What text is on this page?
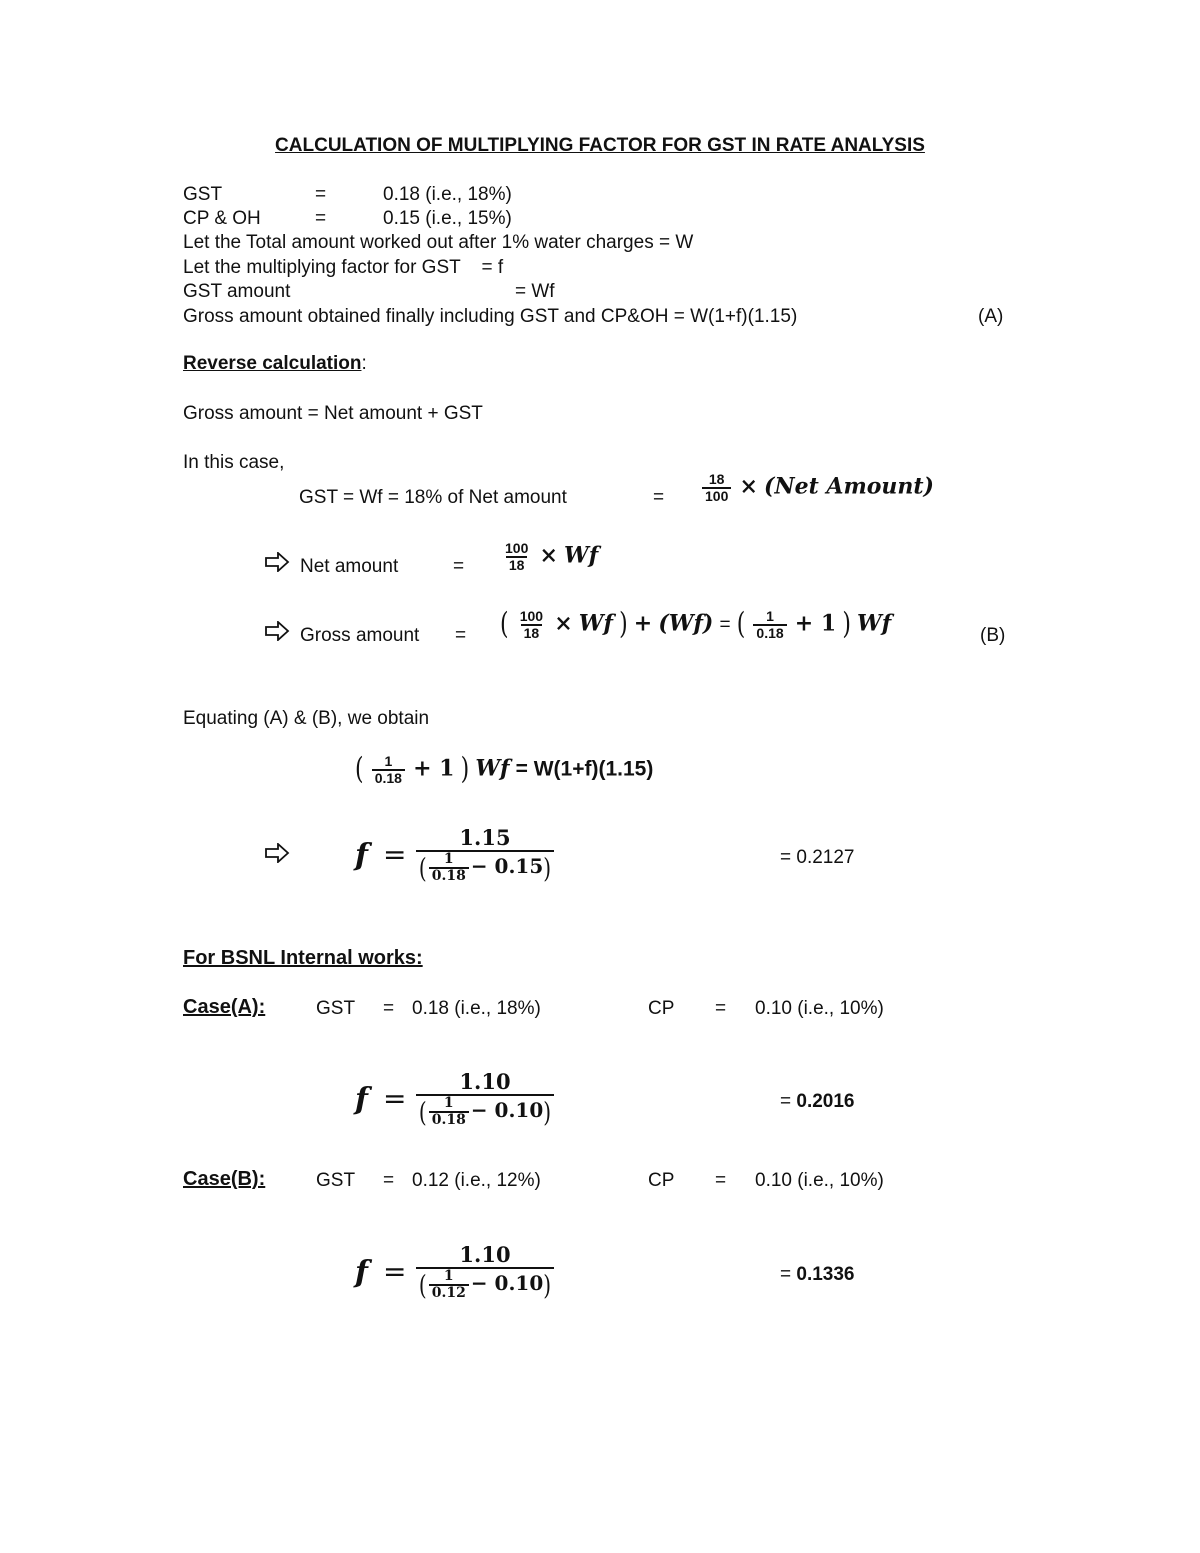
CALCULATION OF MULTIPLYING FACTOR FOR GST IN RATE ANALYSIS
GST	=	0.18 (i.e., 18%)
CP & OH	=	0.15 (i.e., 15%)
Let the Total amount worked out after 1% water charges = W
Let the multiplying factor for GST    = f
GST amount	= Wf
Gross amount obtained finally including GST and CP&OH = W(1+f)(1.15)	(A)
Reverse calculation:
Gross amount = Net amount + GST
In this case,
GST = Wf = 18% of Net amount	=	$\frac{18}{100} \times (Net$ Amount)
Net amount	=	$\frac{100}{18} \times Wf$
Gross amount = ( $\frac{100}{18} \times Wf$ ) + (Wf) = ( $\frac{1}{0.18} + 1$ ) Wf	(B)
Equating (A) & (B), we obtain
( $\frac{1}{0.18} + 1$ ) Wf = W(1+f)(1.15)
f =
1.15
( $\frac{1}{0.18} - 0.15$)	= 0.2127
For BSNL Internal works:
Case(A):	GST = 0.18 (i.e., 18%)	CP = 0.10 (i.e., 10%)
f =
1.10
( $\frac{1}{0.18} - 0.10$)	= 0.2016
Case(B):	GST = 0.12 (i.e., 12%)	CP = 0.10 (i.e., 10%)
f =
1.10
( $\frac{1}{0.12} - 0.10$)	= 0.1336
